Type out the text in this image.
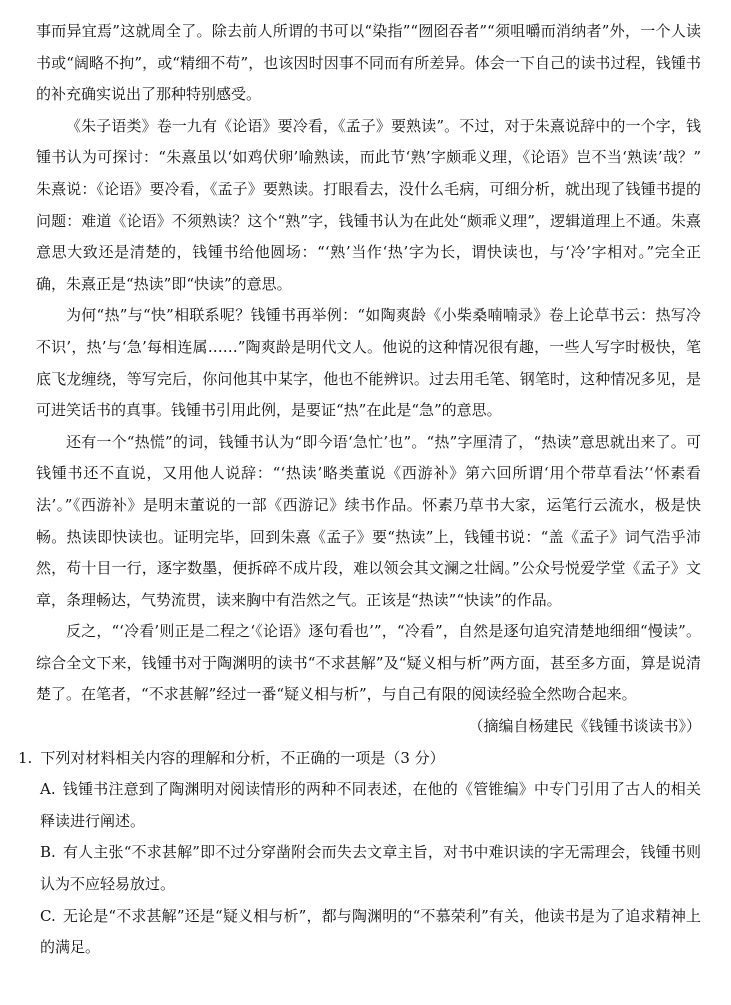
事而异宜焉”这就周全了。除去前人所谓的书可以“染指”“囫囵吞者”“须咀嚼而消纳者”外，一个人读书或“阔略不拘”，或“精细不苟”，也该因时因事不同而有所差异。体会一下自己的读书过程，钱锺书的补充确实说出了那种特别感受。

《朱子语类》卷一九有《论语》要冷看，《孟子》要熟读”。不过，对于朱熹说辞中的一个字，钱锺书认为可探讨：“朱熹虽以‘如鸡伏卵’喻熟读，而此节‘熟’字颇乖义理，《论语》岂不当‘熟读’哉？”朱熹说：《论语》要冷看，《孟子》要熟读。打眼看去，没什么毛病，可细分析，就出现了钱锺书提的问题：难道《论语》不须熟读？这个“熟”字，钱锺书认为在此处“颇乖义理”，逻辑道理上不通。朱熹意思大致还是清楚的，钱锺书给他圆场：“‘熟’当作‘热’字为长，谓快读也，与‘冷’字相对。”完全正确，朱熹正是“热读”即“快读”的意思。

为何“热”与“快”相联系呢？钱锺书再举例：“如陶爽龄《小柴桑喃喃录》卷上论草书云：热写冷不识’，热’与‘急’每相连属……”陶爽龄是明代文人。他说的这种情况很有趣，一些人写字时极快，笔底飞龙缠绕，等写完后，你问他其中某字，他也不能辨识。过去用毛笔、钢笔时，这种情况多见，是可进笑话书的真事。钱锺书引用此例，是要证“热”在此是“急”的意思。

还有一个“热慌”的词，钱锺书认为“即今语‘急忙’也”。“热”字厘清了，“热读”意思就出来了。可钱锺书还不直说，又用他人说辞：“‘热读’略类董说《西游补》第六回所谓‘用个带草看法’‘怀素看法’。”《西游补》是明末董说的一部《西游记》续书作品。怀素乃草书大家，运笔行云流水，极是快畅。热读即快读也。证明完毕，回到朱熹《孟子》要“热读”上，钱锺书说：“盖《孟子》词气浩乎沛然，苟十目一行，逐字数墨，便拆碎不成片段，难以领会其文澜之壮阔。”公众号悦爱学堂《孟子》文章，条理畅达，气势流贯，读来胸中有浩然之气。正该是“热读”“快读”的作品。

反之，“‘冷看’则正是二程之‘《论语》逐句看也’”，“冷看”，自然是逐句追究清楚地细细“慢读”。综合全文下来，钱锺书对于陶渊明的读书“不求甚解”及“疑义相与析”两方面，甚至多方面，算是说清楚了。在笔者，“不求甚解”经过一番“疑义相与析”，与自己有限的阅读经验全然吻合起来。

（摘编自杨建民《钱锺书谈读书》）

1. 下列对材料相关内容的理解和分析，不正确的一项是（3 分）

A. 钱锺书注意到了陶渊明对阅读情形的两种不同表述，在他的《管锥编》中专门引用了古人的相关释读进行阐述。

B. 有人主张“不求甚解”即不过分穿凿附会而失去文章主旨，对书中难识读的字无需理会，钱锺书则认为不应轻易放过。

C. 无论是“不求甚解”还是“疑义相与析”，都与陶渊明的“不慕荣利”有关，他读书是为了追求精神上的满足。
